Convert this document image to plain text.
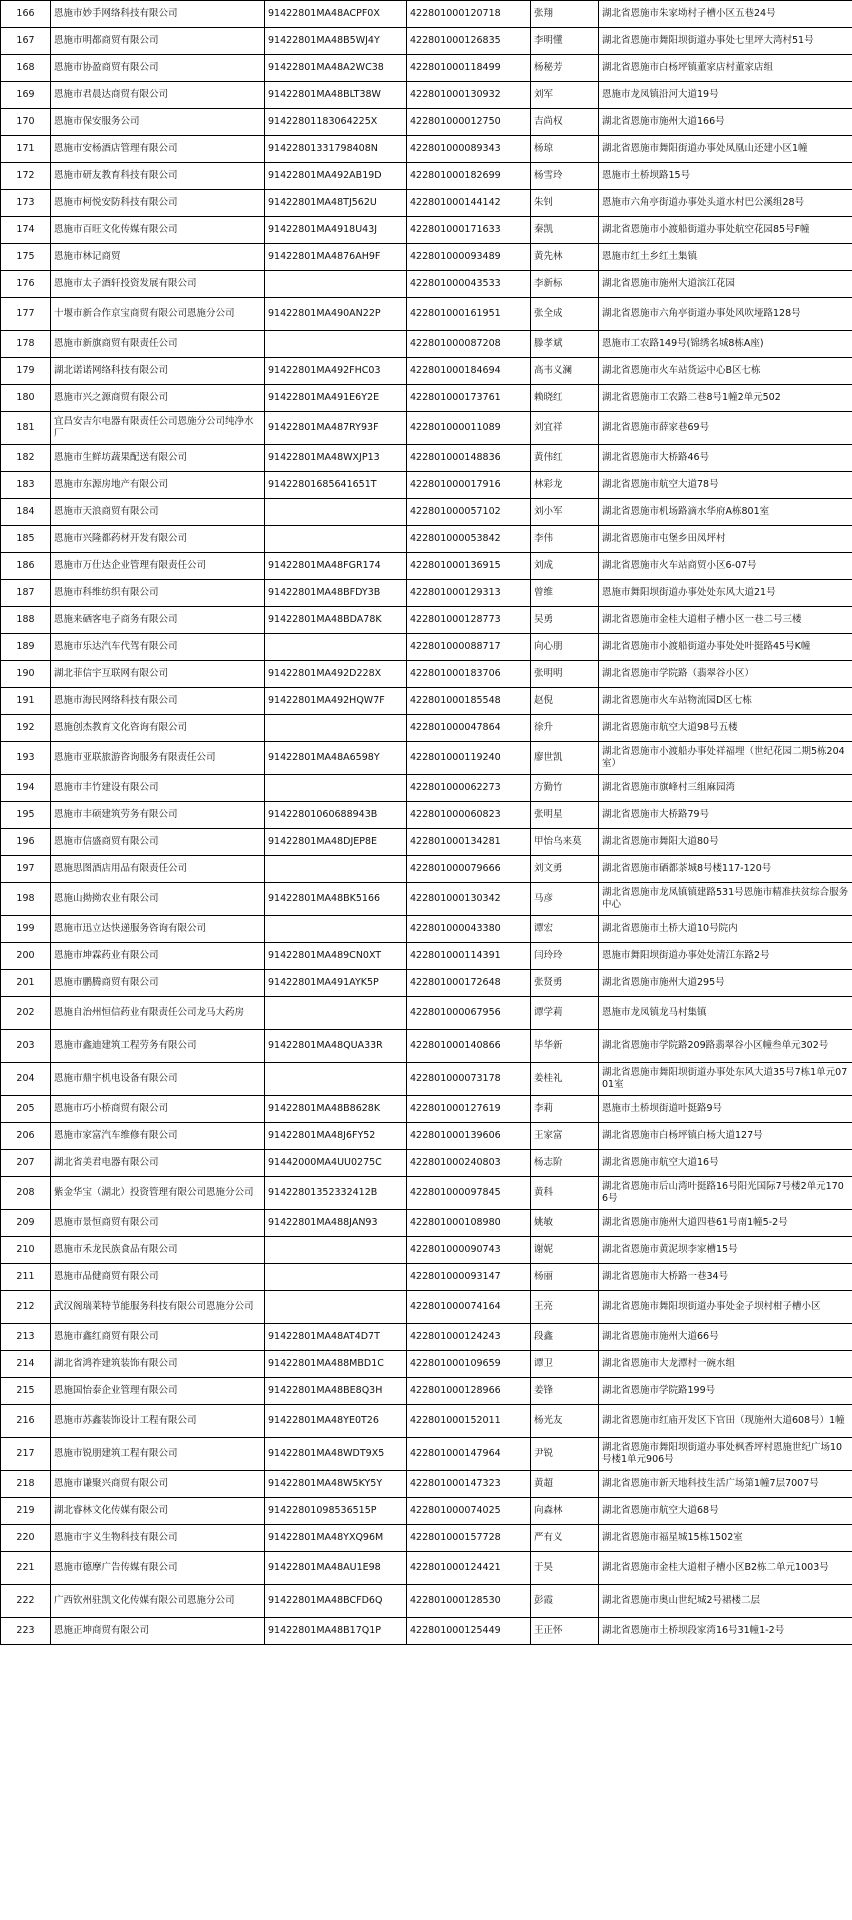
166	恩施市妙手网络科技有限公司	91422801MA48ACPF0X	422801000120718	张翔	湖北省恩施市朱家坳村子槽小区五巷24号
167	恩施市明都商贸有限公司	91422801MA48B5WJ4Y	422801000126835	李明懂	湖北省恩施市舞阳坝街道办事处七里坪大湾村51号
168	恩施市协盈商贸有限公司	91422801MA48A2WC38	422801000118499	杨秘芳	湖北省恩施市白杨坪镇董家店村董家店组
169	恩施市君晨达商贸有限公司	91422801MA48BLT38W	422801000130932	刘军	恩施市龙凤镇沿河大道19号
170	恩施市保安服务公司	91422801183064225X	422801000012750	吉尚权	湖北省恩施市施州大道166号
171	恩施市安杨酒店管理有限公司	91422801331798408N	422801000089343	杨琼	湖北省恩施市舞阳街道办事处凤凰山还建小区1幢
172	恩施市研友教育科技有限公司	91422801MA492AB19D	422801000182699	杨雪玲	恩施市土桥坝路15号
173	恩施市柯悦安防科技有限公司	91422801MA48TJ562U	422801000144142	朱钊	恩施市六角亭街道办事处头道水村巴公溪组28号
174	恩施市百旺文化传媒有限公司	91422801MA4918U43J	422801000171633	秦凯	湖北省恩施市小渡船街道办事处航空花园85号F幢
175	恩施市林记商贸	91422801MA4876AH9F	422801000093489	黄先林	恩施市红土乡红土集镇
176	恩施市太子酒轩投资发展有限公司		422801000043533	李新标	湖北省恩施市施州大道滨江花园
177	十堰市新合作京宝商贸有限公司恩施分公司	91422801MA490AN22P	422801000161951	张全成	湖北省恩施市六角亭街道办事处风吹垭路128号
178	恩施市新旗商贸有限责任公司		422801000087208	滕孝斌	恩施市工农路149号(锦绣名城8栋A座)
179	湖北诺诺网络科技有限公司	91422801MA492FHC03	422801000184694	高韦义澜	湖北省恩施市火车站货运中心B区七栋
180	恩施市兴之源商贸有限公司	91422801MA491E6Y2E	422801000173761	赖晓红	湖北省恩施市工农路二巷8号1幢2单元502
181	宜昌安吉尔电器有限责任公司恩施分公司纯净水厂	91422801MA487RY93F	422801000011089	刘宜祥	湖北省恩施市薛家巷69号
182	恩施市生鲜坊蔬果配送有限公司	91422801MA48WXJP13	422801000148836	黄伟红	湖北省恩施市大桥路46号
183	恩施市东源房地产有限公司	91422801685641651T	422801000017916	林彩龙	湖北省恩施市航空大道78号
184	恩施市天浪商贸有限公司		422801000057102	刘小军	湖北省恩施市机场路滴水华府A栋801室
185	恩施市兴隆都药材开发有限公司		422801000053842	李伟	湖北省恩施市屯堡乡田凤坪村
186	恩施市万仕达企业管理有限责任公司	91422801MA48FGR174	422801000136915	刘成	湖北省恩施市火车站商贸小区6-07号
187	恩施市科维纺织有限公司	91422801MA48BFDY3B	422801000129313	曾维	恩施市舞阳坝街道办事处处东风大道21号
188	恩施来硒客电子商务有限公司	91422801MA48BDA78K	422801000128773	吴勇	湖北省恩施市金桂大道柑子槽小区一巷二号三楼
189	恩施市乐达汽车代驾有限公司		422801000088717	向心朋	湖北省恩施市小渡船街道办事处处叶挺路45号K幢
190	湖北菲信宇互联网有限公司	91422801MA492D228X	422801000183706	张明明	湖北省恩施市学院路（翡翠谷小区）
191	恩施市海民网络科技有限公司	91422801MA492HQW7F	422801000185548	赵倪	湖北省恩施市火车站物流园D区七栋
192	恩施创杰教育文化咨询有限公司		422801000047864	徐升	湖北省恩施市航空大道98号五楼
193	恩施市亚联旅游咨询服务有限责任公司	91422801MA48A6598Y	422801000119240	廖世凯	湖北省恩施市小渡船办事处祥福埋（世纪花园二期5栋204室）
194	恩施市丰竹建设有限公司		422801000062273	方勤竹	湖北省恩施市旗峰村三组麻园湾
195	恩施市丰硕建筑劳务有限公司	91422801060688943B	422801000060823	张明星	湖北省恩施市大桥路79号
196	恩施市信盛商贸有限公司	91422801MA48DJEP8E	422801000134281	甲怡乌来莫	湖北省恩施市舞阳大道80号
197	恩施思图酒店用品有限责任公司		422801000079666	刘文勇	湖北省恩施市硒都茶城8号楼117-120号
198	恩施山拗拗农业有限公司	91422801MA48BK5166	422801000130342	马彦	湖北省恩施市龙凤镇镇建路531号恩施市精准扶贫综合服务中心
199	恩施市迅立达快递服务咨询有限公司		422801000043380	谭宏	湖北省恩施市土桥大道10号院内
200	恩施市坤霖药业有限公司	91422801MA489CN0XT	422801000114391	闫玲玲	恩施市舞阳坝街道办事处处清江东路2号
201	恩施市鹏腾商贸有限公司	91422801MA491AYK5P	422801000172648	张贤勇	湖北省恩施市施州大道295号
202	恩施自治州恒信药业有限责任公司龙马大药房		422801000067956	谭学莉	恩施市龙凤镇龙马村集镇
203	恩施市鑫迪建筑工程劳务有限公司	91422801MA48QUA33R	422801000140866	毕华新	湖北省恩施市学院路209路翡翠谷小区幢叁单元302号
204	恩施市鼎宇机电设备有限公司		422801000073178	姜桂礼	湖北省恩施市舞阳坝街道办事处东风大道35号7栋1单元0701室
205	恩施市巧小桥商贸有限公司	91422801MA48B8628K	422801000127619	李莉	恩施市土桥坝街道叶挺路9号
206	恩施市家富汽车维修有限公司	91422801MA48J6FY52	422801000139606	王家富	湖北省恩施市白杨坪镇白杨大道127号
207	湖北省美君电器有限公司	91442000MA4UU0275C	422801000240803	杨志阶	湖北省恩施市航空大道16号
208	紫金华宝（湖北）投资管理有限公司恩施分公司	91422801352332412B	422801000097845	黄科	湖北省恩施市后山湾叶挺路16号阳光国际7号楼2单元1706号
209	恩施市景恒商贸有限公司	91422801MA488JAN93	422801000108980	姚敏	湖北省恩施市施州大道四巷61号南1幢5-2号
210	恩施市禾龙民族食品有限公司		422801000090743	谢妮	湖北省恩施市黄泥坝李家槽15号
211	恩施市品健商贸有限公司		422801000093147	杨丽	湖北省恩施市大桥路一巷34号
212	武汉阁瑞莱特节能服务科技有限公司恩施分公司		422801000074164	王亮	湖北省恩施市舞阳坝街道办事处金子坝村柑子槽小区
213	恩施市鑫红商贸有限公司	91422801MA48AT4D7T	422801000124243	段鑫	湖北省恩施市施州大道66号
214	湖北省鸿祚建筑装饰有限公司	91422801MA488MBD1C	422801000109659	谭卫	湖北省恩施市大龙潭村一碗水组
215	恩施国怡泰企业管理有限公司	91422801MA48BE8Q3H	422801000128966	姜锋	湖北省恩施市学院路199号
216	恩施市苏鑫装饰设计工程有限公司	91422801MA48YE0T26	422801000152011	杨光友	湖北省恩施市红庙开发区下官田（现施州大道608号）1幢
217	恩施市锐朋建筑工程有限公司	91422801MA48WDT9X5	422801000147964	尹锐	湖北省恩施市舞阳坝街道办事处枫香坪村恩施世纪广场10号楼1单元906号
218	恩施市谦聚兴商贸有限公司	91422801MA48W5KY5Y	422801000147323	黄超	湖北省恩施市新天地科技生活广场第1幢7层7007号
219	湖北睿林文化传媒有限公司	9142280109853651​5P	422801000074025	向森林	湖北省恩施市航空大道68号
220	恩施市宇义生物科技有限公司	91422801MA48YXQ96M	422801000157728	严有义	湖北省恩施市福星城15栋1502室
221	恩施市德摩广告传媒有限公司	91422801MA48AU1E98	422801000124421	于昊	湖北省恩施市金桂大道柑子槽小区B2栋二单元1003号
222	广西钦州驻凯文化传媒有限公司恩施分公司	91422801MA48BCFD6Q	422801000128530	彭霞	湖北省恩施市奥山世纪城2号裙楼二层
223	恩施正坤商贸有限公司	91422801MA48B17Q1P	422801000125449	王正怀	湖北省恩施市土桥坝段家湾16号31幢1-2号
